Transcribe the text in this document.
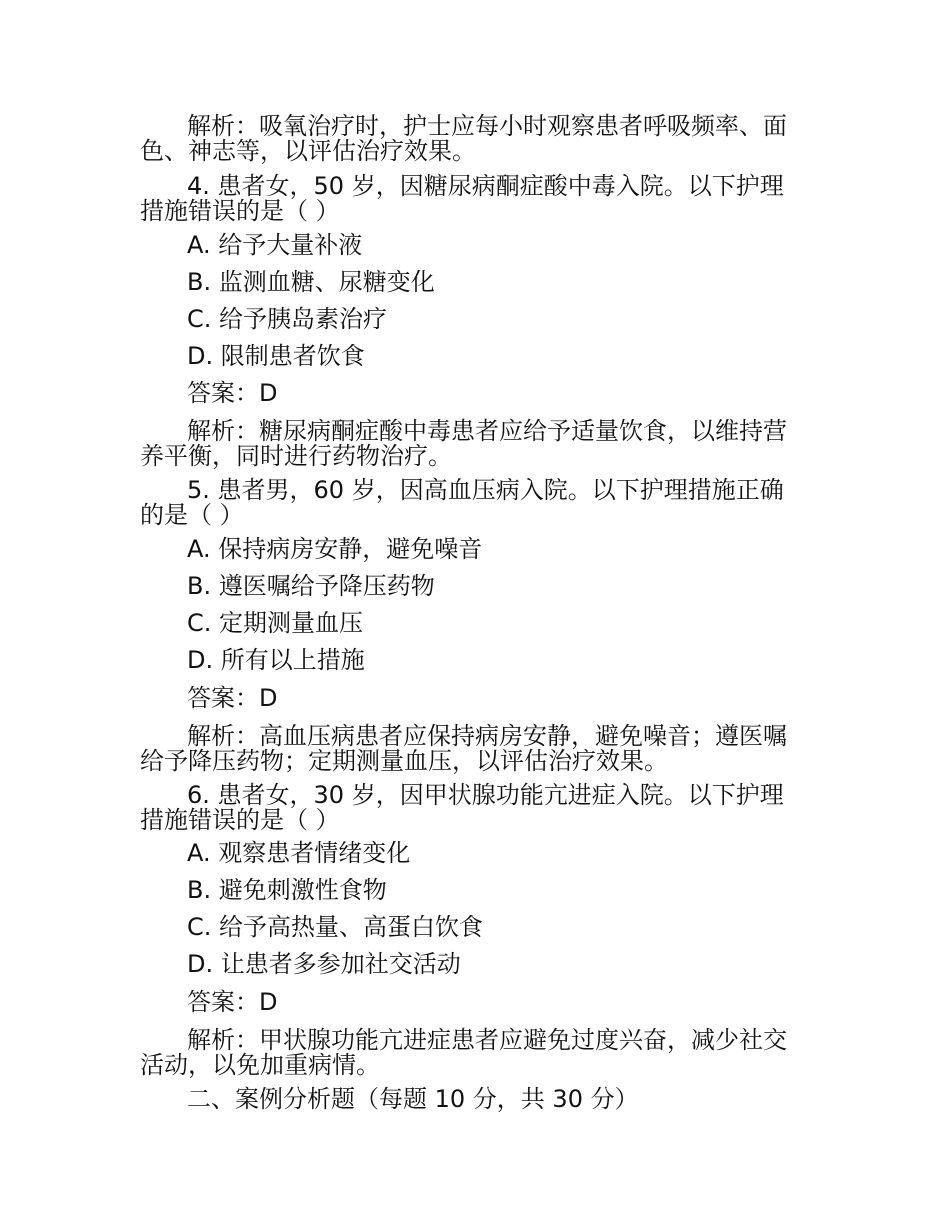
解析：吸氧治疗时，护士应每小时观察患者呼吸频率、面
色、神志等，以评估治疗效果。
4. 患者女，50 岁，因糖尿病酮症酸中毒入院。以下护理
措施错误的是（ ）
A. 给予大量补液
B. 监测血糖、尿糖变化
C. 给予胰岛素治疗
D. 限制患者饮食
答案：D
解析：糖尿病酮症酸中毒患者应给予适量饮食，以维持营
养平衡，同时进行药物治疗。
5. 患者男，60 岁，因高血压病入院。以下护理措施正确
的是（ ）
A. 保持病房安静，避免噪音
B. 遵医嘱给予降压药物
C. 定期测量血压
D. 所有以上措施
答案：D
解析：高血压病患者应保持病房安静，避免噪音；遵医嘱
给予降压药物；定期测量血压，以评估治疗效果。
6. 患者女，30 岁，因甲状腺功能亢进症入院。以下护理
措施错误的是（ ）
A. 观察患者情绪变化
B. 避免刺激性食物
C. 给予高热量、高蛋白饮食
D. 让患者多参加社交活动
答案：D
解析：甲状腺功能亢进症患者应避免过度兴奋，减少社交
活动，以免加重病情。
二、案例分析题（每题 10 分，共 30 分）
